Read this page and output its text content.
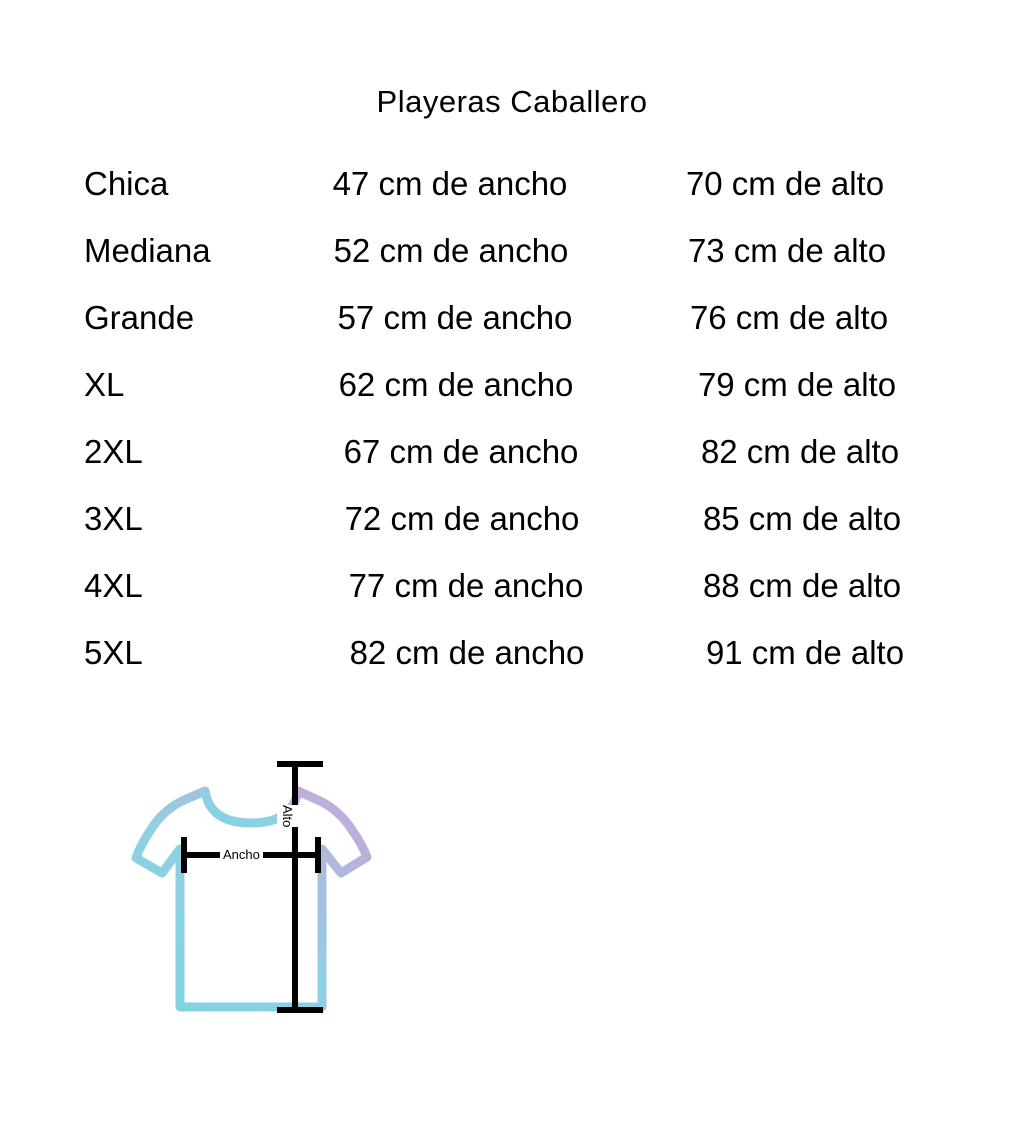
Playeras Caballero
Chica	47 cm de ancho	70 cm de alto
Mediana	52 cm de ancho	73 cm de alto
Grande	57 cm de ancho	76 cm de alto
XL	62 cm de ancho	79 cm de alto
2XL	67 cm de ancho	82 cm de alto
3XL	72 cm de ancho	85 cm de alto
4XL	77 cm de ancho	88 cm de alto
5XL	82 cm de ancho	91 cm de alto
Ancho
Alto
